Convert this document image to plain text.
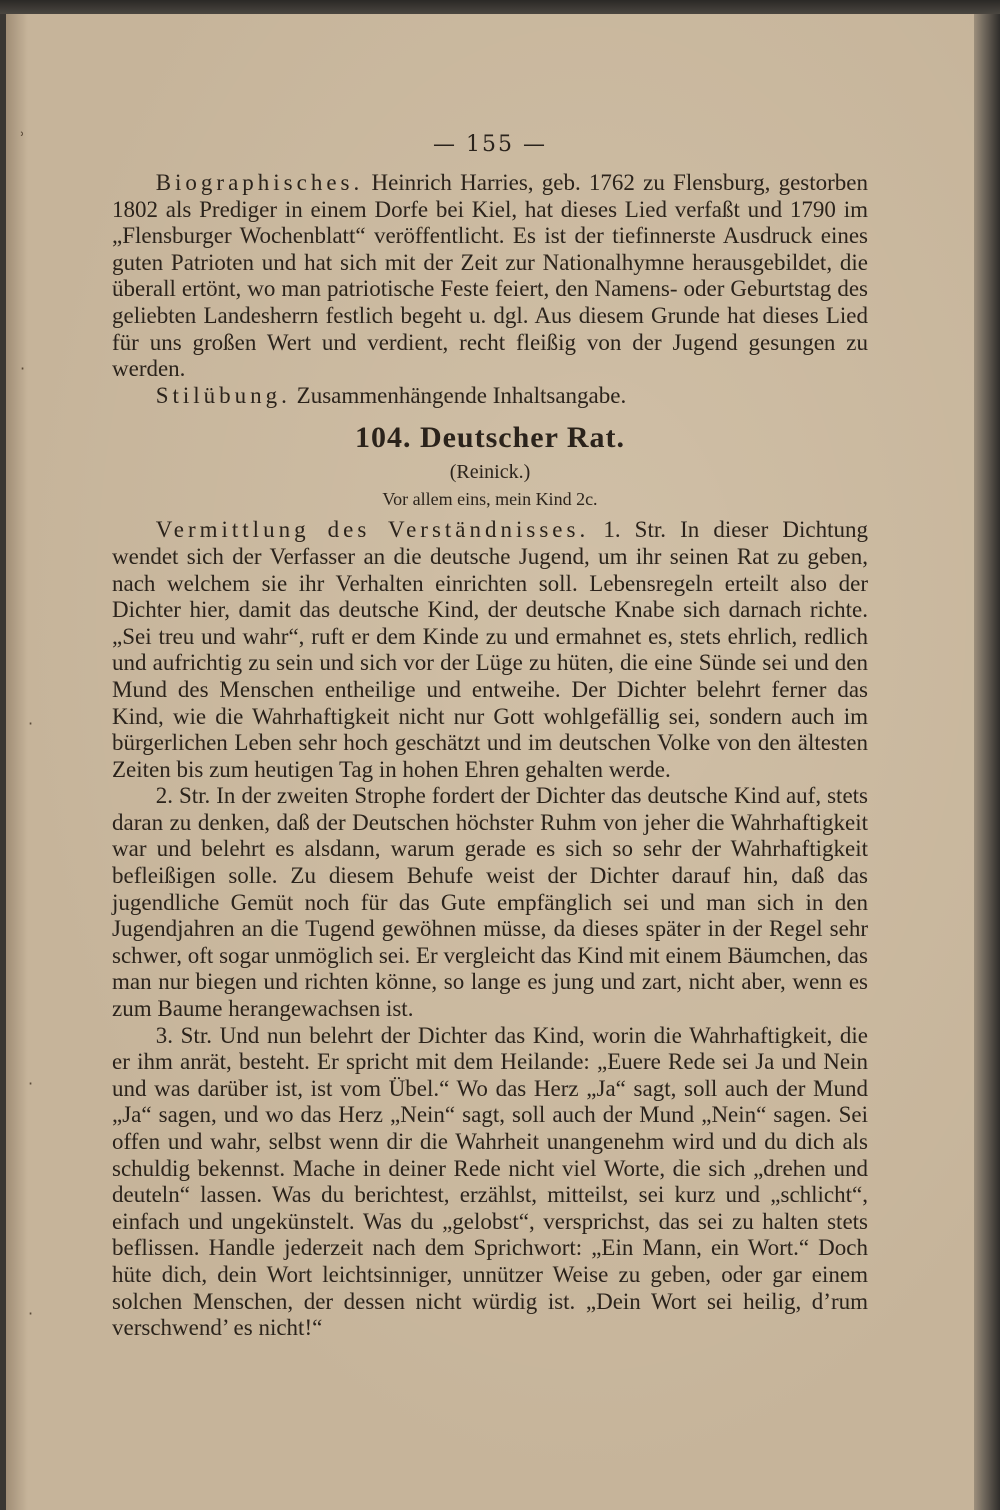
ʾ
·
·
·
·
— 155 —

Biographisches. Heinrich Harries, geb. 1762 zu Flensburg, gestorben 1802 als Prediger in einem Dorfe bei Kiel, hat dieses Lied verfaßt und 1790 im „Flensburger Wochenblatt“ veröffentlicht. Es ist der tiefinnerste Ausdruck eines guten Patrioten und hat sich mit der Zeit zur Nationalhymne herausgebildet, die überall ertönt, wo man patriotische Feste feiert, den Namens- oder Geburtstag des geliebten Landesherrn festlich begeht u. dgl. Aus diesem Grunde hat dieses Lied für uns großen Wert und verdient, recht fleißig von der Jugend gesungen zu werden.

Stilübung. Zusammenhängende Inhaltsangabe.

104. Deutscher Rat.
(Reinick.)
Vor allem eins, mein Kind 2c.

Vermittlung des Verständnisses. 1. Str. In dieser Dichtung wendet sich der Verfasser an die deutsche Jugend, um ihr seinen Rat zu geben, nach welchem sie ihr Verhalten einrichten soll. Lebensregeln erteilt also der Dichter hier, damit das deutsche Kind, der deutsche Knabe sich darnach richte. „Sei treu und wahr“, ruft er dem Kinde zu und ermahnet es, stets ehrlich, redlich und aufrichtig zu sein und sich vor der Lüge zu hüten, die eine Sünde sei und den Mund des Menschen entheilige und entweihe. Der Dichter belehrt ferner das Kind, wie die Wahrhaftigkeit nicht nur Gott wohlgefällig sei, sondern auch im bürgerlichen Leben sehr hoch geschätzt und im deutschen Volke von den ältesten Zeiten bis zum heutigen Tag in hohen Ehren gehalten werde.

2. Str. In der zweiten Strophe fordert der Dichter das deutsche Kind auf, stets daran zu denken, daß der Deutschen höchster Ruhm von jeher die Wahrhaftigkeit war und belehrt es alsdann, warum gerade es sich so sehr der Wahrhaftigkeit befleißigen solle. Zu diesem Behufe weist der Dichter darauf hin, daß das jugendliche Gemüt noch für das Gute empfänglich sei und man sich in den Jugendjahren an die Tugend gewöhnen müsse, da dieses später in der Regel sehr schwer, oft sogar unmöglich sei. Er vergleicht das Kind mit einem Bäumchen, das man nur biegen und richten könne, so lange es jung und zart, nicht aber, wenn es zum Baume herangewachsen ist.

3. Str. Und nun belehrt der Dichter das Kind, worin die Wahrhaftigkeit, die er ihm anrät, besteht. Er spricht mit dem Heilande: „Euere Rede sei Ja und Nein und was darüber ist, ist vom Übel.“ Wo das Herz „Ja“ sagt, soll auch der Mund „Ja“ sagen, und wo das Herz „Nein“ sagt, soll auch der Mund „Nein“ sagen. Sei offen und wahr, selbst wenn dir die Wahrheit unangenehm wird und du dich als schuldig bekennst. Mache in deiner Rede nicht viel Worte, die sich „drehen und deuteln“ lassen. Was du berichtest, erzählst, mitteilst, sei kurz und „schlicht“, einfach und ungekünstelt. Was du „gelobst“, versprichst, das sei zu halten stets beflissen. Handle jederzeit nach dem Sprichwort: „Ein Mann, ein Wort.“ Doch hüte dich, dein Wort leichtsinniger, unnützer Weise zu geben, oder gar einem solchen Menschen, der dessen nicht würdig ist. „Dein Wort sei heilig, d’rum verschwend’ es nicht!“
